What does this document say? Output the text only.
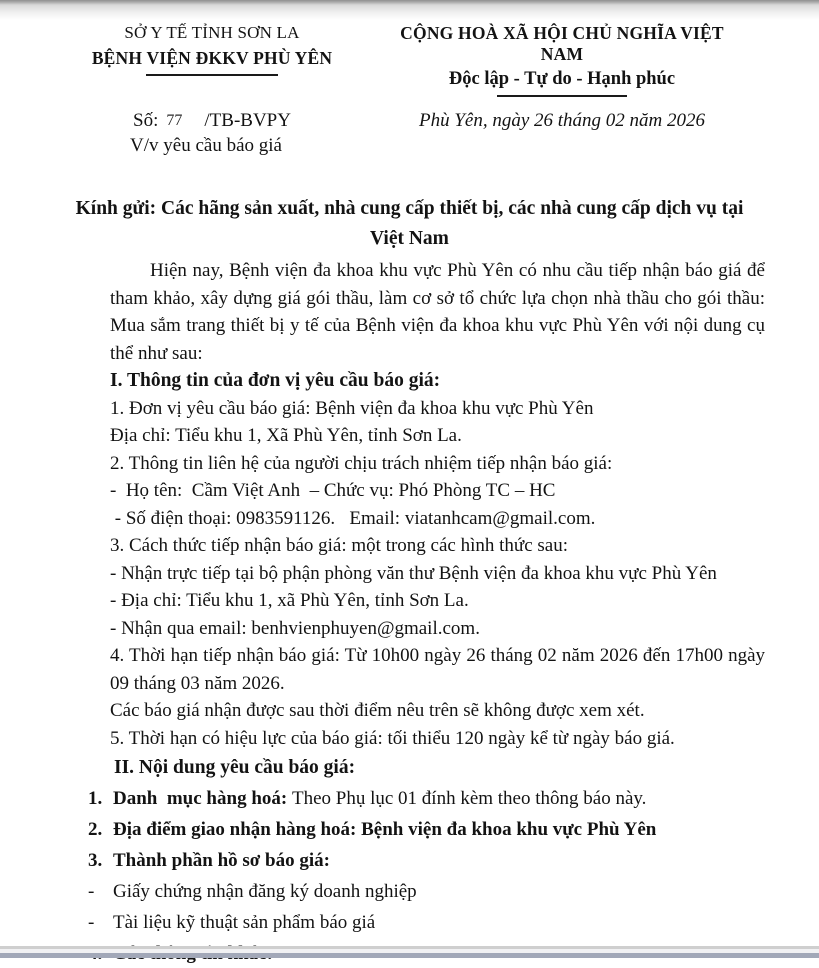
SỞ Y TẾ TỈNH SƠN LA
BỆNH VIỆN ĐKKV PHÙ YÊN
CỘNG HOÀ XÃ HỘI CHỦ NGHĨA VIỆT NAM
Độc lập - Tự do - Hạnh phúc
Số: 77 /TB-BVPY	Phù Yên, ngày 26 tháng 02 năm 2026
V/v yêu cầu báo giá
Kính gửi: Các hãng sản xuất, nhà cung cấp thiết bị, các nhà cung cấp dịch vụ tại
Việt Nam
Hiện nay, Bệnh viện đa khoa khu vực Phù Yên có nhu cầu tiếp nhận báo giá để tham khảo, xây dựng giá gói thầu, làm cơ sở tổ chức lựa chọn nhà thầu cho gói thầu: Mua sắm trang thiết bị y tế của Bệnh viện đa khoa khu vực Phù Yên với nội dung cụ thể như sau:

I. Thông tin của đơn vị yêu cầu báo giá:

1. Đơn vị yêu cầu báo giá: Bệnh viện đa khoa khu vực Phù Yên

Địa chỉ: Tiểu khu 1, Xã Phù Yên, tỉnh Sơn La.

2. Thông tin liên hệ của người chịu trách nhiệm tiếp nhận báo giá:

-  Họ tên:  Cầm Việt Anh  – Chức vụ: Phó Phòng TC – HC

- Số điện thoại: 0983591126.   Email: viatanhcam@gmail.com.

3. Cách thức tiếp nhận báo giá: một trong các hình thức sau:

- Nhận trực tiếp tại bộ phận phòng văn thư Bệnh viện đa khoa khu vực Phù Yên

- Địa chỉ: Tiểu khu 1, xã Phù Yên, tỉnh Sơn La.

- Nhận qua email: benhvienphuyen@gmail.com.

4. Thời hạn tiếp nhận báo giá: Từ 10h00 ngày 26 tháng 02 năm 2026 đến 17h00 ngày 09 tháng 03 năm 2026.

Các báo giá nhận được sau thời điểm nêu trên sẽ không được xem xét.

5. Thời hạn có hiệu lực của báo giá: tối thiểu 120 ngày kể từ ngày báo giá.

II. Nội dung yêu cầu báo giá:
1. Danh  mục hàng hoá: Theo Phụ lục 01 đính kèm theo thông báo này.
2. Địa điểm giao nhận hàng hoá: Bệnh viện đa khoa khu vực Phù Yên
3. Thành phần hồ sơ báo giá:
- Giấy chứng nhận đăng ký doanh nghiệp
- Tài liệu kỹ thuật sản phẩm báo giá
